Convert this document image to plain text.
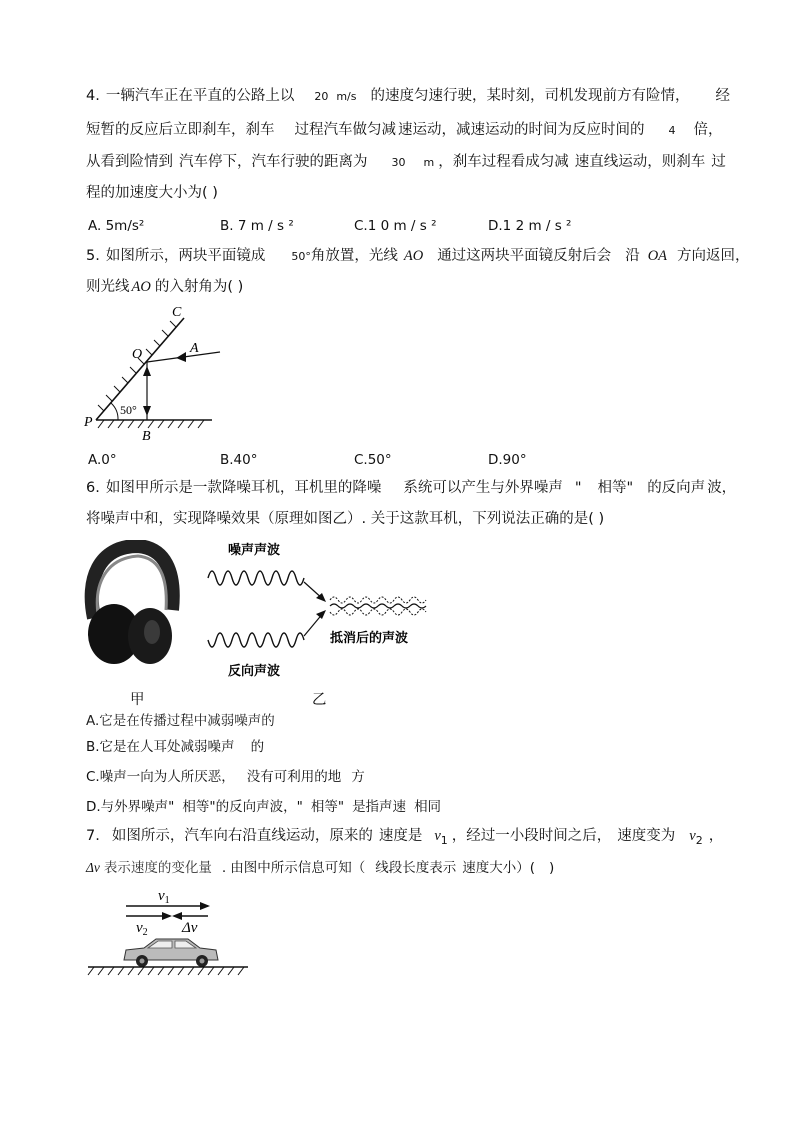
4. 一辆汽车正在平直的公路上以 20 m/s 的速度匀速行驶，某时刻，司机发现前方有险情， 经
短暂的反应后立即刹车，刹车 过程汽车做匀减 速运动，减速运动的时间为反应时间的 4 倍，
从看到险情到 汽车停下，汽车行驶的距离为 30 m ，刹车过程看成匀减 速直线运动，则刹车 过
程的加速度大小为( )
A. 5m/s²	B. 7 m / s ²	C.1 0 m / s ²	D.1 2 m / s ²
5. 如图所示，两块平面镜成 50°角放置，光线 AO 通过这两块平面镜反射后会 沿 OA 方向返回，
则光线 AO 的入射角为( )
C
O	A
50°
P
B
A.0°	B.40°	C.50°	D.90°
6. 如图甲所示是一款降噪耳机，耳机里的降噪 系统可以产生与外界噪声 " 相等" 的反向声 波，
将噪声中和，实现降噪效果（原理如图乙）. 关于这款耳机，下列说法正确的是( )
噪声声波
反向声波
抵消后的声波
甲	乙
A.它是在传播过程中减弱噪声的
B.它是在人耳处减弱噪声 的
C.噪声一向为人所厌恶， 没有可利用的地 方
D.与外界噪声" 相等"的反向声波，" 相等" 是指声速 相同
7. 如图所示，汽车向右沿直线运动，原来的 速度是 $v_1$ ，经过一小段时间之后， 速度变为 $v_2$ ，
Δv 表示速度的变化量 . 由图中所示信息可知（ 线段长度表示 速度大小）( )
$v_1$
$v_2$ Δv
